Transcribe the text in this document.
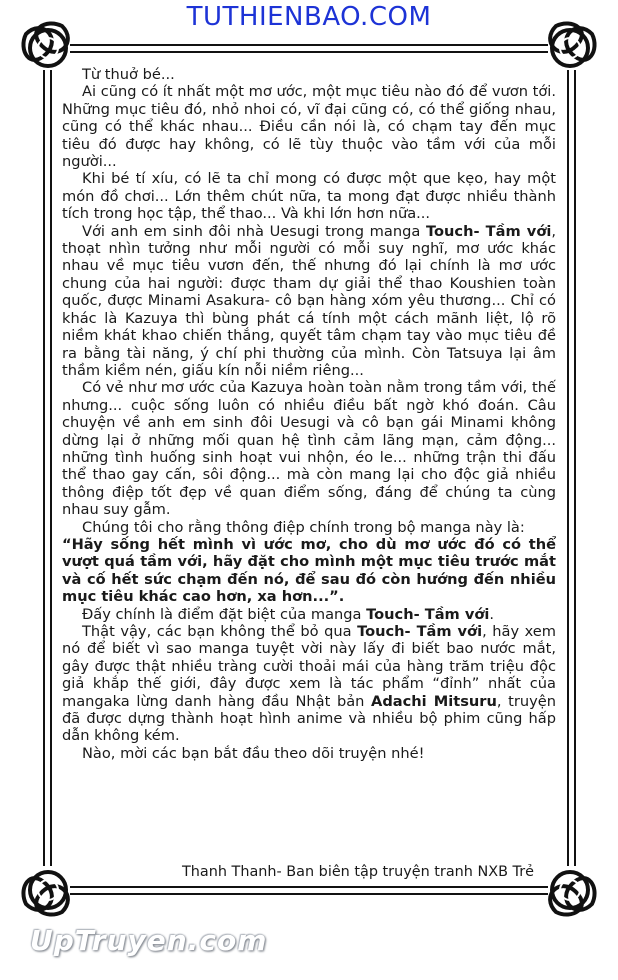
TUTHIENBAO.COM

Từ thuở bé...

Ai cũng có ít nhất một mơ ước, một mục tiêu nào đó để vươn tới. Những mục tiêu đó, nhỏ nhoi có, vĩ đại cũng có, có thể giống nhau, cũng có thể khác nhau... Điều cần nói là, có chạm tay đến mục tiêu đó được hay không, có lẽ tùy thuộc vào tầm với của mỗi người...

Khi bé tí xíu, có lẽ ta chỉ mong có được một que kẹo, hay một món đồ chơi... Lớn thêm chút nữa, ta mong đạt được nhiều thành tích trong học tập, thể thao... Và khi lớn hơn nữa...

Với anh em sinh đôi nhà Uesugi trong manga Touch- Tầm với, thoạt nhìn tưởng như mỗi người có mỗi suy nghĩ, mơ ước khác nhau về mục tiêu vươn đến, thế nhưng đó lại chính là mơ ước chung của hai người: được tham dự giải thể thao Koushien toàn quốc, được Minami Asakura- cô bạn hàng xóm yêu thương... Chỉ có khác là Kazuya thì bùng phát cá tính một cách mãnh liệt, lộ rõ niềm khát khao chiến thắng, quyết tâm chạm tay vào mục tiêu đề ra bằng tài năng, ý chí phi thường của mình. Còn Tatsuya lại âm thầm kiềm nén, giấu kín nỗi niềm riêng...

Có vẻ như mơ ước của Kazuya hoàn toàn nằm trong tầm với, thế nhưng... cuộc sống luôn có nhiều điều bất ngờ khó đoán. Câu chuyện về anh em sinh đôi Uesugi và cô bạn gái Minami không dừng lại ở những mối quan hệ tình cảm lãng mạn, cảm động... những tình huống sinh hoạt vui nhộn, éo le... những trận thi đấu thể thao gay cấn, sôi động... mà còn mang lại cho độc giả nhiều thông điệp tốt đẹp về quan điểm sống, đáng để chúng ta cùng nhau suy gẫm.

Chúng tôi cho rằng thông điệp chính trong bộ manga này là:

“Hãy sống hết mình vì ước mơ, cho dù mơ ước đó có thể vượt quá tầm với, hãy đặt cho mình một mục tiêu trước mắt và cố hết sức chạm đến nó, để sau đó còn hướng đến nhiều mục tiêu khác cao hơn, xa hơn...”.

Đấy chính là điểm đặt biệt của manga Touch- Tầm với.

Thật vậy, các bạn không thể bỏ qua Touch- Tầm với, hãy xem nó để biết vì sao manga tuyệt vời này lấy đi biết bao nước mắt, gây được thật nhiều tràng cười thoải mái của hàng trăm triệu độc giả khắp thế giới, đây được xem là tác phẩm “đỉnh” nhất của mangaka lừng danh hàng đầu Nhật bản Adachi Mitsuru, truyện đã được dựng thành hoạt hình anime và nhiều bộ phim cũng hấp dẫn không kém.

Nào, mời các bạn bắt đầu theo dõi truyện nhé!

Thanh Thanh- Ban biên tập truyện tranh NXB Trẻ
UpTruyen.com
